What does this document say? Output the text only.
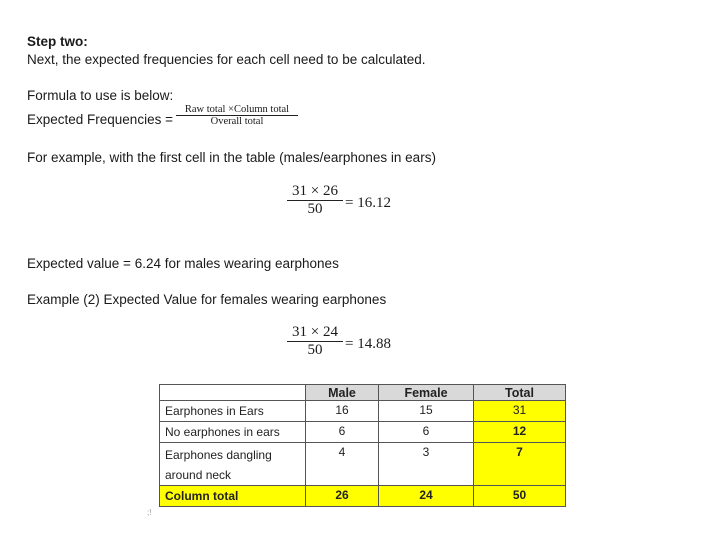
Step two:
Next, the expected frequencies for each cell need to be calculated.
Formula to use is below:
Expected Frequencies =
Raw total ×Column total
Overall total
For example, with the first cell in the table (males/earphones in ears)
31 × 26
50	= 16.12
Expected value = 6.24 for males wearing earphones
Example (2) Expected Value for females wearing earphones
31 × 24
50	= 14.88
	Male	Female	Total
Earphones in Ears	16	15	31
No earphones in ears	6	6	12
Earphones dangling around neck	4	3	7
Column total	26	24	50
;!
